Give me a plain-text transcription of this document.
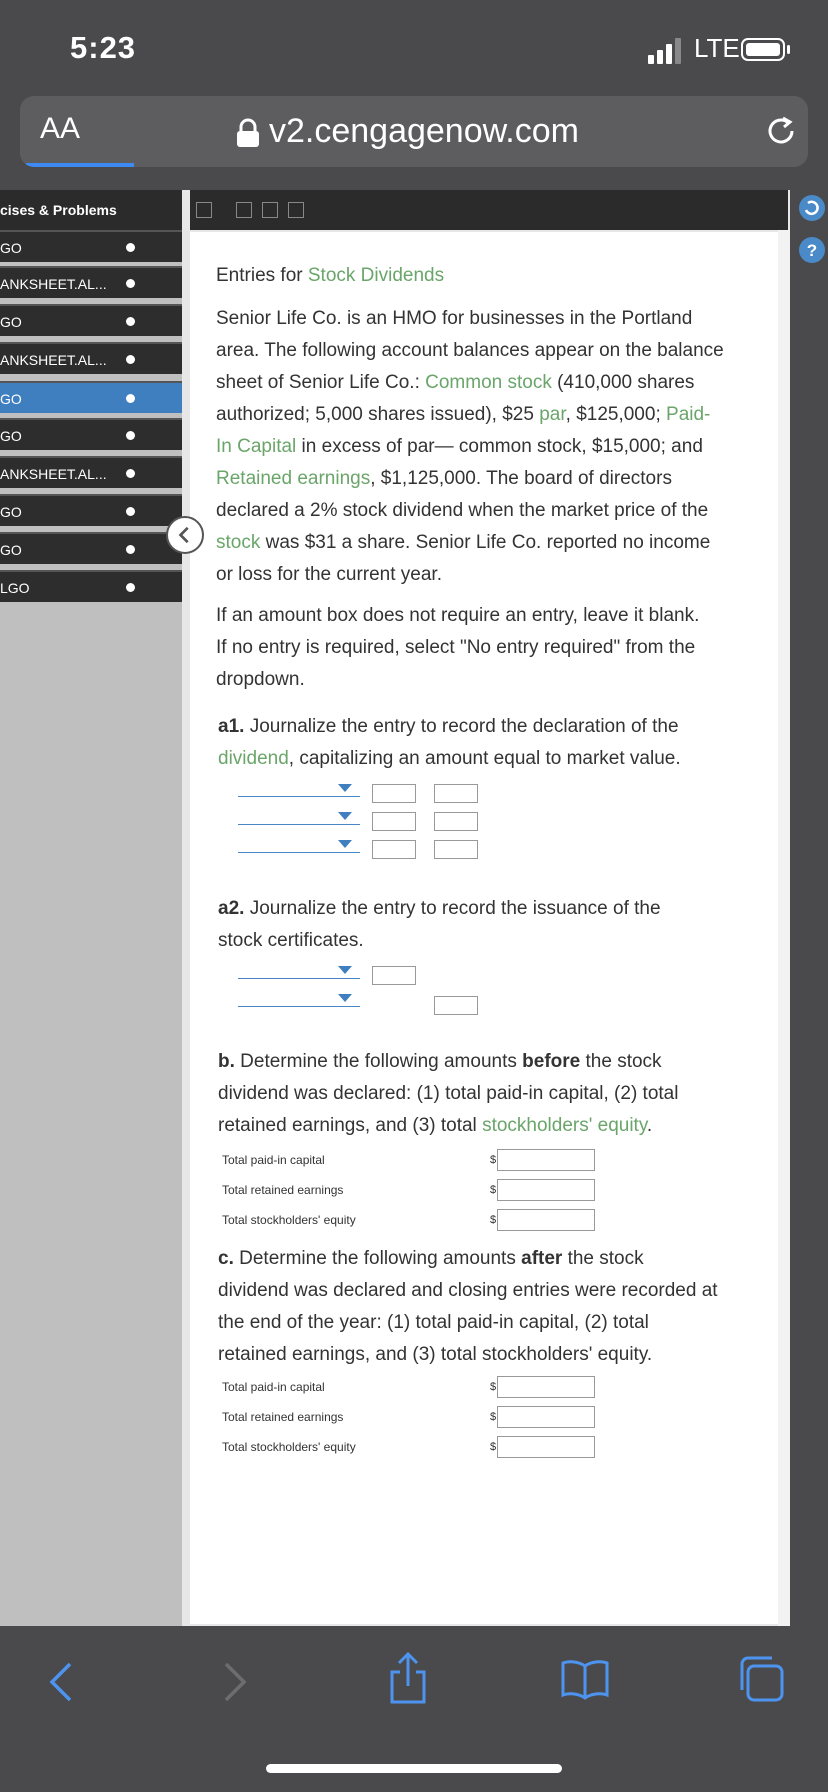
5:23	LTE
AA	v2.cengagenow.com
cises & Problems
GO
ANKSHEET.AL...
GO
ANKSHEET.AL...
GO
GO
ANKSHEET.AL...
GO
GO
LGO
?
Entries for Stock Dividends
Senior Life Co. is an HMO for businesses in the Portland
area. The following account balances appear on the balance
sheet of Senior Life Co.: Common stock (410,000 shares
authorized; 5,000 shares issued), $25 par, $125,000; Paid-
In Capital in excess of par— common stock, $15,000; and
Retained earnings, $1,125,000. The board of directors
declared a 2% stock dividend when the market price of the
stock was $31 a share. Senior Life Co. reported no income
or loss for the current year.
If an amount box does not require an entry, leave it blank.
If no entry is required, select "No entry required" from the
dropdown.
a1. Journalize the entry to record the declaration of the
dividend, capitalizing an amount equal to market value.
a2. Journalize the entry to record the issuance of the
stock certificates.
b. Determine the following amounts before the stock
dividend was declared: (1) total paid-in capital, (2) total
retained earnings, and (3) total stockholders' equity.
Total paid-in capital	$
Total retained earnings	$
Total stockholders' equity	$
c. Determine the following amounts after the stock
dividend was declared and closing entries were recorded at
the end of the year: (1) total paid-in capital, (2) total
retained earnings, and (3) total stockholders' equity.
Total paid-in capital	$
Total retained earnings	$
Total stockholders' equity	$
